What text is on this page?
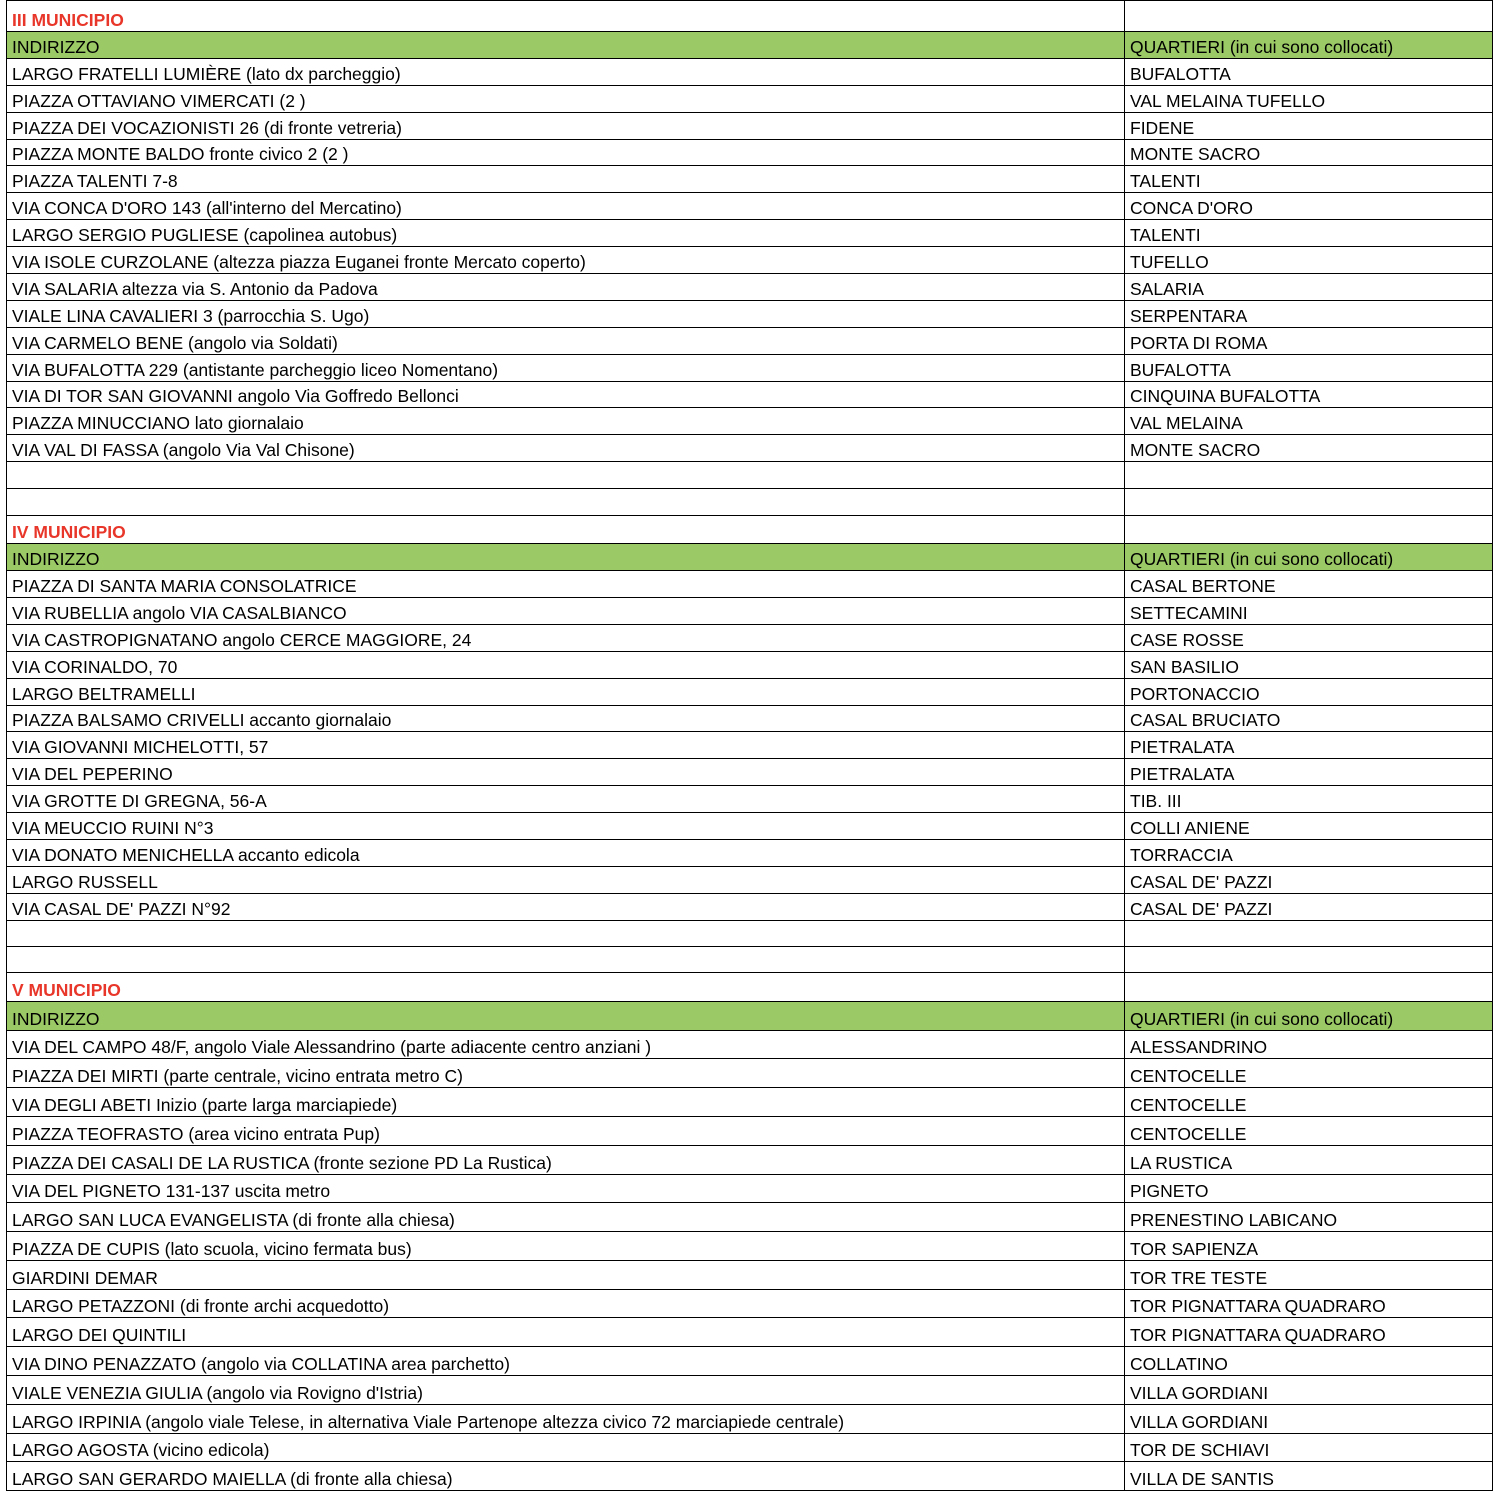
III MUNICIPIO	
INDIRIZZO	QUARTIERI (in cui sono collocati)
LARGO FRATELLI LUMIÈRE (lato dx parcheggio)	BUFALOTTA
PIAZZA OTTAVIANO VIMERCATI (2 )	VAL MELAINA TUFELLO
PIAZZA DEI VOCAZIONISTI 26 (di fronte vetreria)	FIDENE
PIAZZA MONTE BALDO fronte civico 2 (2 )	MONTE SACRO
PIAZZA TALENTI 7-8	TALENTI
VIA CONCA D'ORO 143 (all'interno del Mercatino)	CONCA D'ORO
LARGO SERGIO PUGLIESE (capolinea autobus)	TALENTI
VIA ISOLE CURZOLANE (altezza piazza Euganei fronte Mercato coperto)	TUFELLO
VIA SALARIA altezza via S. Antonio da Padova	SALARIA
VIALE LINA CAVALIERI 3 (parrocchia S. Ugo)	SERPENTARA
VIA CARMELO BENE (angolo via Soldati)	PORTA DI ROMA
VIA BUFALOTTA 229 (antistante parcheggio liceo Nomentano)	BUFALOTTA
VIA DI TOR SAN GIOVANNI angolo Via Goffredo Bellonci	CINQUINA BUFALOTTA
PIAZZA MINUCCIANO lato giornalaio	VAL MELAINA
VIA VAL DI FASSA (angolo Via Val Chisone)	MONTE SACRO

IV MUNICIPIO	
INDIRIZZO	QUARTIERI (in cui sono collocati)
PIAZZA DI SANTA MARIA CONSOLATRICE	CASAL BERTONE
VIA RUBELLIA angolo VIA CASALBIANCO	SETTECAMINI
VIA CASTROPIGNATANO angolo CERCE MAGGIORE, 24	CASE ROSSE
VIA CORINALDO, 70	SAN BASILIO
LARGO BELTRAMELLI	PORTONACCIO
PIAZZA BALSAMO CRIVELLI accanto giornalaio	CASAL BRUCIATO
VIA GIOVANNI MICHELOTTI, 57	PIETRALATA
VIA DEL PEPERINO	PIETRALATA
VIA GROTTE DI GREGNA, 56-A	TIB. III
VIA MEUCCIO RUINI N°3	COLLI ANIENE
VIA DONATO MENICHELLA accanto edicola	TORRACCIA
LARGO RUSSELL	CASAL DE' PAZZI
VIA CASAL DE' PAZZI N°92	CASAL DE' PAZZI

V MUNICIPIO	
INDIRIZZO	QUARTIERI (in cui sono collocati)
VIA DEL CAMPO 48/F, angolo Viale Alessandrino (parte adiacente centro anziani )	ALESSANDRINO
PIAZZA DEI MIRTI (parte centrale, vicino entrata metro C)	CENTOCELLE
VIA DEGLI ABETI Inizio (parte larga marciapiede)	CENTOCELLE
PIAZZA TEOFRASTO (area vicino entrata Pup)	CENTOCELLE
PIAZZA DEI CASALI DE LA RUSTICA (fronte sezione PD La Rustica)	LA RUSTICA
VIA DEL PIGNETO 131-137 uscita metro	PIGNETO
LARGO SAN LUCA EVANGELISTA (di fronte alla chiesa)	PRENESTINO LABICANO
PIAZZA DE CUPIS (lato scuola, vicino fermata bus)	TOR SAPIENZA
GIARDINI DEMAR	TOR TRE TESTE
LARGO PETAZZONI (di fronte archi acquedotto)	TOR PIGNATTARA QUADRARO
LARGO DEI QUINTILI	TOR PIGNATTARA QUADRARO
VIA DINO PENAZZATO (angolo via COLLATINA area parchetto)	COLLATINO
VIALE VENEZIA GIULIA (angolo via Rovigno d'Istria)	VILLA GORDIANI
LARGO IRPINIA (angolo viale Telese, in alternativa Viale Partenope altezza civico 72 marciapiede centrale)	VILLA GORDIANI
LARGO AGOSTA (vicino edicola)	TOR DE SCHIAVI
LARGO SAN GERARDO MAIELLA (di fronte alla chiesa)	VILLA DE SANTIS
